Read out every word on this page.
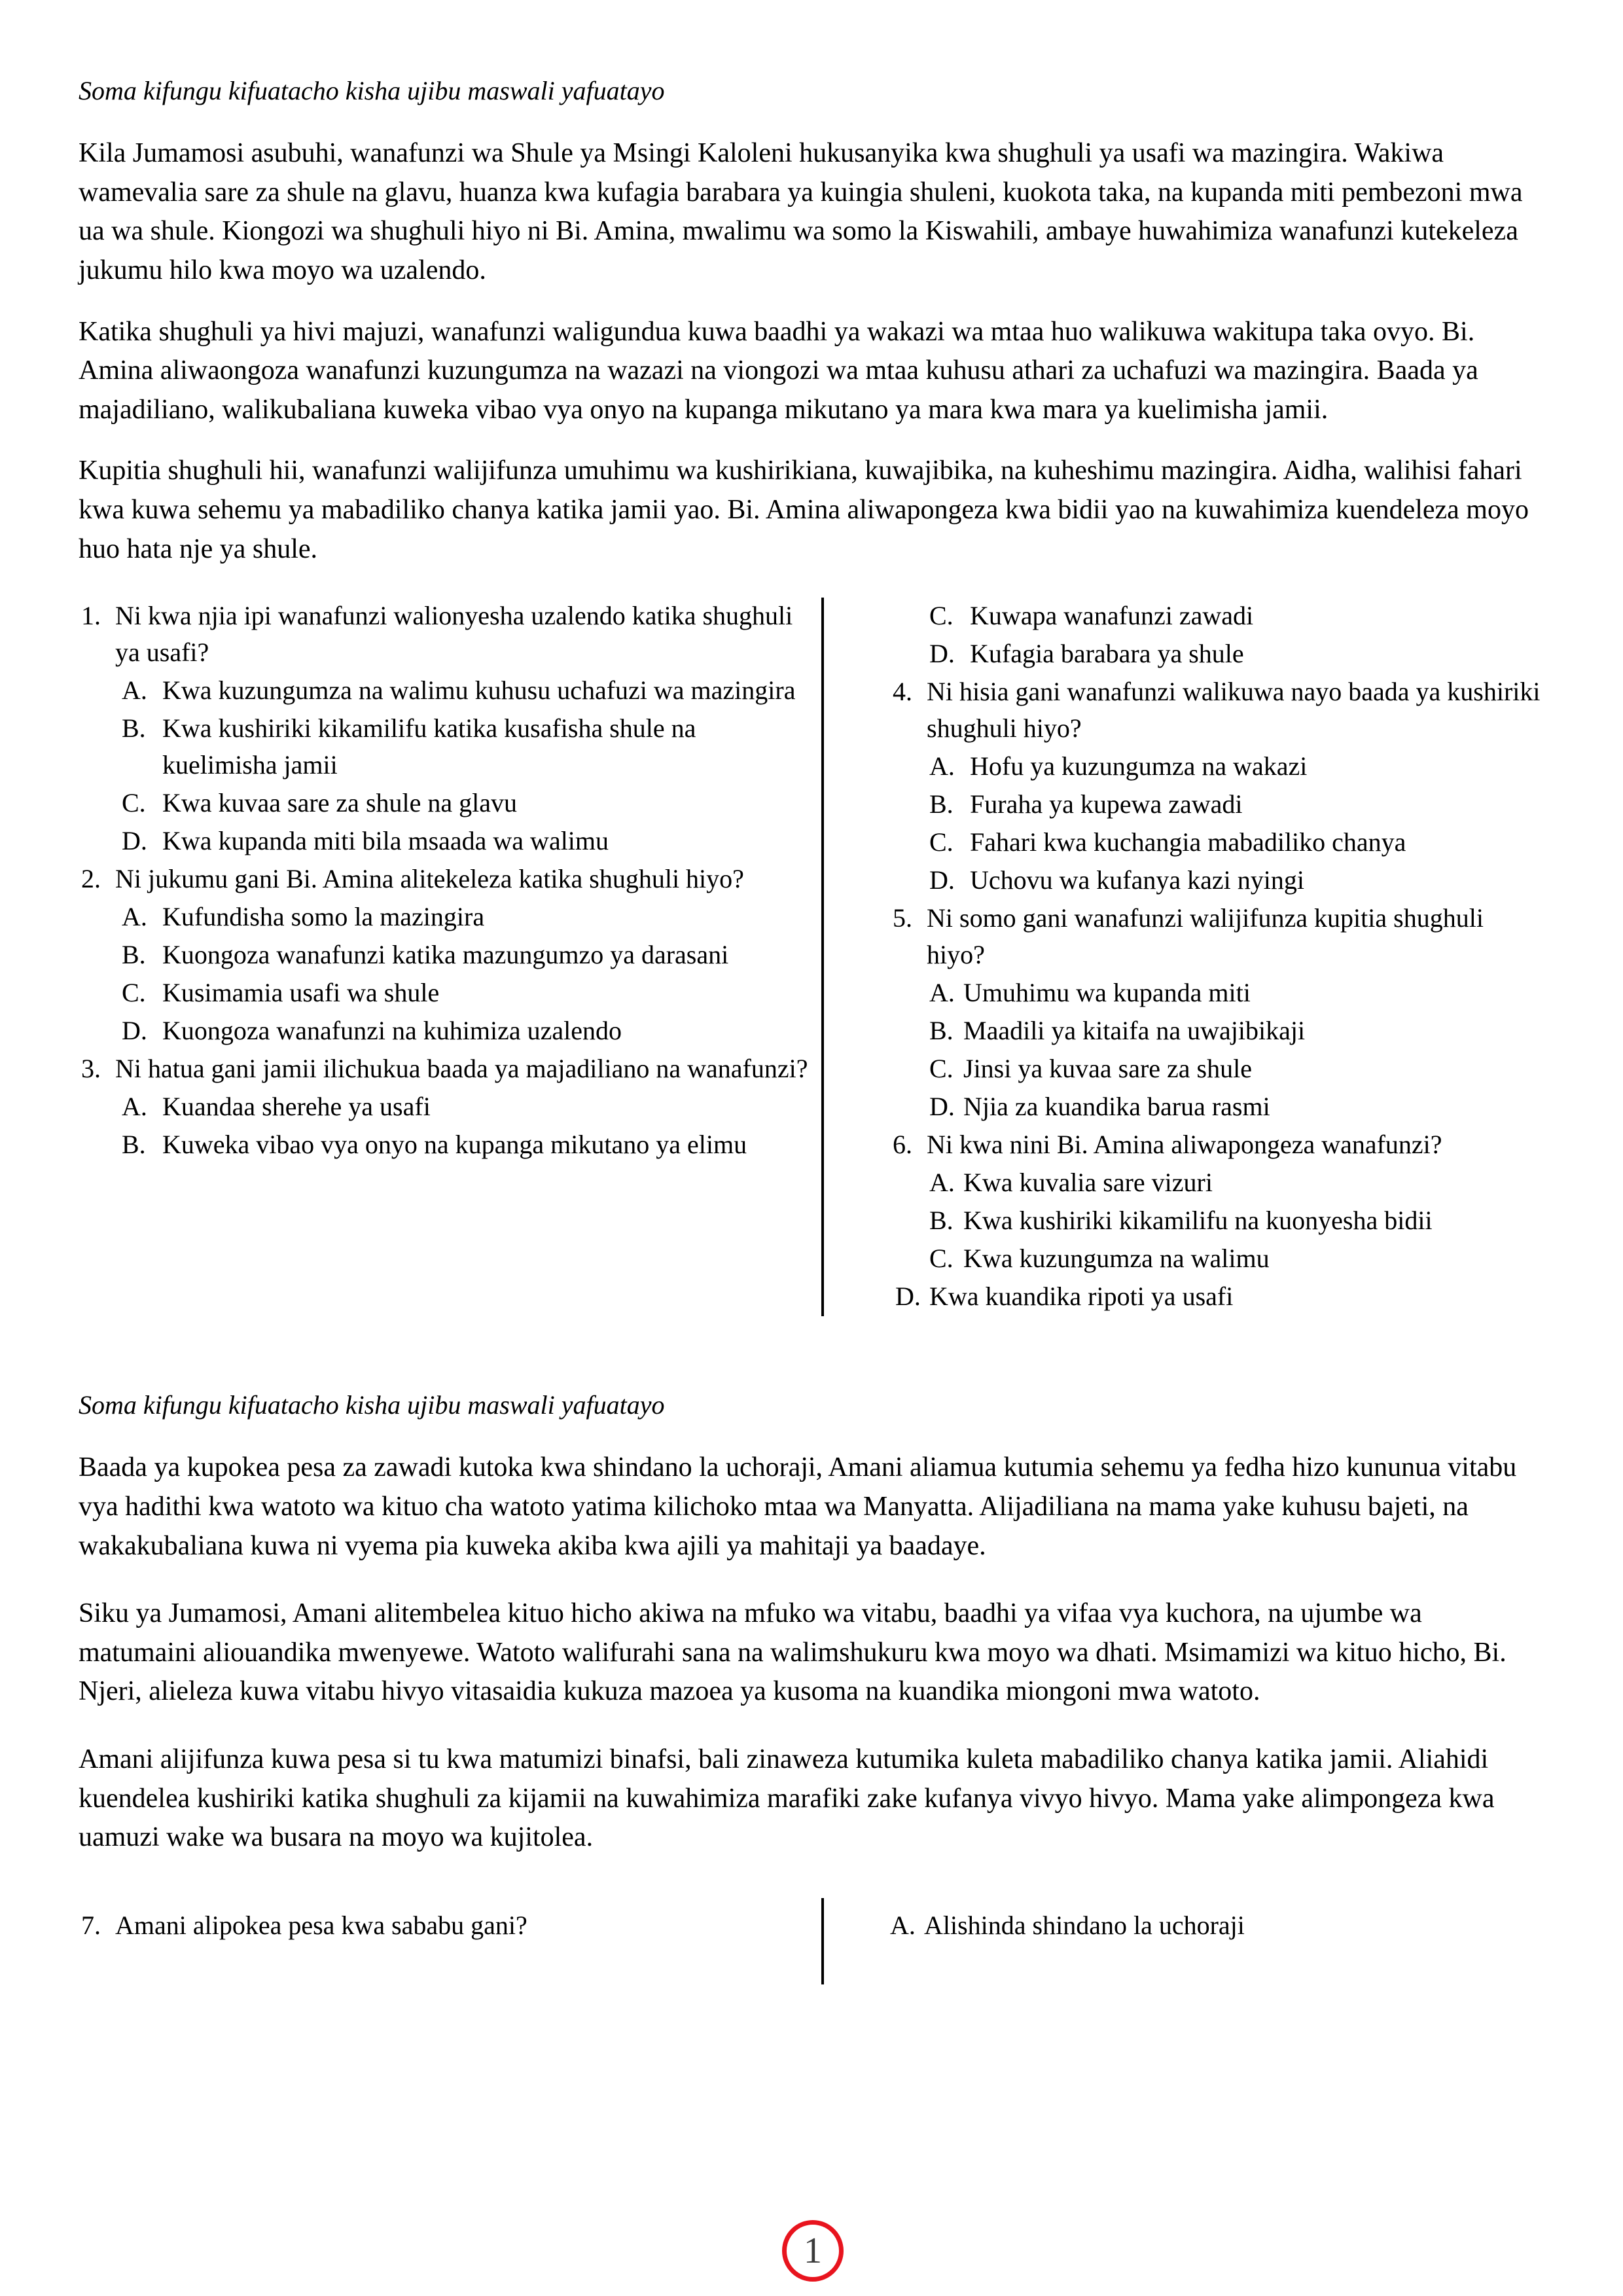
Soma kifungu kifuatacho kisha ujibu maswali yafuatayo
Kila Jumamosi asubuhi, wanafunzi wa Shule ya Msingi Kaloleni hukusanyika kwa shughuli ya usafi wa mazingira. Wakiwa wamevalia sare za shule na glavu, huanza kwa kufagia barabara ya kuingia shuleni, kuokota taka, na kupanda miti pembezoni mwa ua wa shule. Kiongozi wa shughuli hiyo ni Bi. Amina, mwalimu wa somo la Kiswahili, ambaye huwahimiza wanafunzi kutekeleza jukumu hilo kwa moyo wa uzalendo.
Katika shughuli ya hivi majuzi, wanafunzi waligundua kuwa baadhi ya wakazi wa mtaa huo walikuwa wakitupa taka ovyo. Bi. Amina aliwaongoza wanafunzi kuzungumza na wazazi na viongozi wa mtaa kuhusu athari za uchafuzi wa mazingira. Baada ya majadiliano, walikubaliana kuweka vibao vya onyo na kupanga mikutano ya mara kwa mara ya kuelimisha jamii.
Kupitia shughuli hii, wanafunzi walijifunza umuhimu wa kushirikiana, kuwajibika, na kuheshimu mazingira. Aidha, walihisi fahari kwa kuwa sehemu ya mabadiliko chanya katika jamii yao. Bi. Amina aliwapongeza kwa bidii yao na kuwahimiza kuendeleza moyo huo hata nje ya shule.
1. Ni kwa njia ipi wanafunzi walionyesha uzalendo katika shughuli ya usafi?
A. Kwa kuzungumza na walimu kuhusu uchafuzi wa mazingira
B. Kwa kushiriki kikamilifu katika kusafisha shule na kuelimisha jamii
C. Kwa kuvaa sare za shule na glavu
D. Kwa kupanda miti bila msaada wa walimu
2. Ni jukumu gani Bi. Amina alitekeleza katika shughuli hiyo?
A. Kufundisha somo la mazingira
B. Kuongoza wanafunzi katika mazungumzo ya darasani
C. Kusimamia usafi wa shule
D. Kuongoza wanafunzi na kuhimiza uzalendo
3. Ni hatua gani jamii ilichukua baada ya majadiliano na wanafunzi?
A. Kuandaa sherehe ya usafi
B. Kuweka vibao vya onyo na kupanga mikutano ya elimu
C. Kuwapa wanafunzi zawadi
D. Kufagia barabara ya shule
4. Ni hisia gani wanafunzi walikuwa nayo baada ya kushiriki shughuli hiyo?
A. Hofu ya kuzungumza na wakazi
B. Furaha ya kupewa zawadi
C. Fahari kwa kuchangia mabadiliko chanya
D. Uchovu wa kufanya kazi nyingi
5. Ni somo gani wanafunzi walijifunza kupitia shughuli hiyo?
A. Umuhimu wa kupanda miti
B. Maadili ya kitaifa na uwajibikaji
C. Jinsi ya kuvaa sare za shule
D. Njia za kuandika barua rasmi
6. Ni kwa nini Bi. Amina aliwapongeza wanafunzi?
A. Kwa kuvalia sare vizuri
B. Kwa kushiriki kikamilifu na kuonyesha bidii
C. Kwa kuzungumza na walimu
D. Kwa kuandika ripoti ya usafi
Soma kifungu kifuatacho kisha ujibu maswali yafuatayo
Baada ya kupokea pesa za zawadi kutoka kwa shindano la uchoraji, Amani aliamua kutumia sehemu ya fedha hizo kununua vitabu vya hadithi kwa watoto wa kituo cha watoto yatima kilichoko mtaa wa Manyatta. Alijadiliana na mama yake kuhusu bajeti, na wakakubaliana kuwa ni vyema pia kuweka akiba kwa ajili ya mahitaji ya baadaye.
Siku ya Jumamosi, Amani alitembelea kituo hicho akiwa na mfuko wa vitabu, baadhi ya vifaa vya kuchora, na ujumbe wa matumaini aliouandika mwenyewe. Watoto walifurahi sana na walimshukuru kwa moyo wa dhati. Msimamizi wa kituo hicho, Bi. Njeri, alieleza kuwa vitabu hivyo vitasaidia kukuza mazoea ya kusoma na kuandika miongoni mwa watoto.
Amani alijifunza kuwa pesa si tu kwa matumizi binafsi, bali zinaweza kutumika kuleta mabadiliko chanya katika jamii. Aliahidi kuendelea kushiriki katika shughuli za kijamii na kuwahimiza marafiki zake kufanya vivyo hivyo. Mama yake alimpongeza kwa uamuzi wake wa busara na moyo wa kujitolea.
7. Amani alipokea pesa kwa sababu gani?	A. Alishinda shindano la uchoraji
1
